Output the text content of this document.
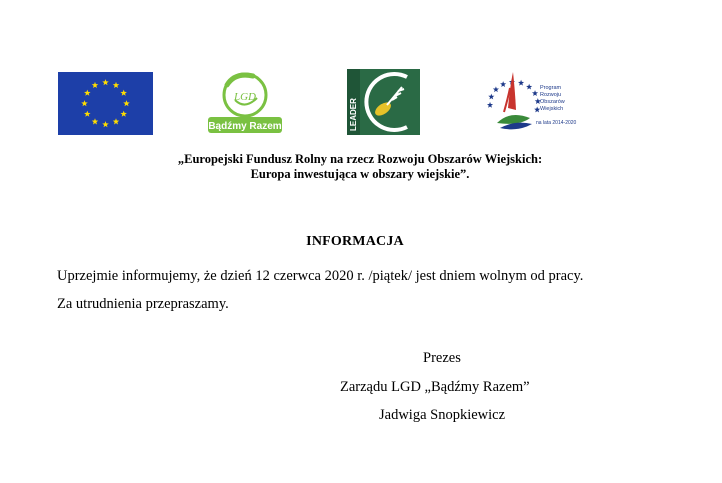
LGD
Bądźmy Razem	LEADER
Program
Rozwoju
Obszarów
Wiejskich
na lata 2014-2020
„Europejski Fundusz Rolny na rzecz Rozwoju Obszarów Wiejskich:
Europa inwestująca w obszary wiejskie”.
INFORMACJA
Uprzejmie informujemy, że dzień 12 czerwca 2020 r. /piątek/ jest dniem wolnym od pracy.
Za utrudnienia przepraszamy.
Prezes
Zarządu LGD „Bądźmy Razem”
Jadwiga Snopkiewicz
